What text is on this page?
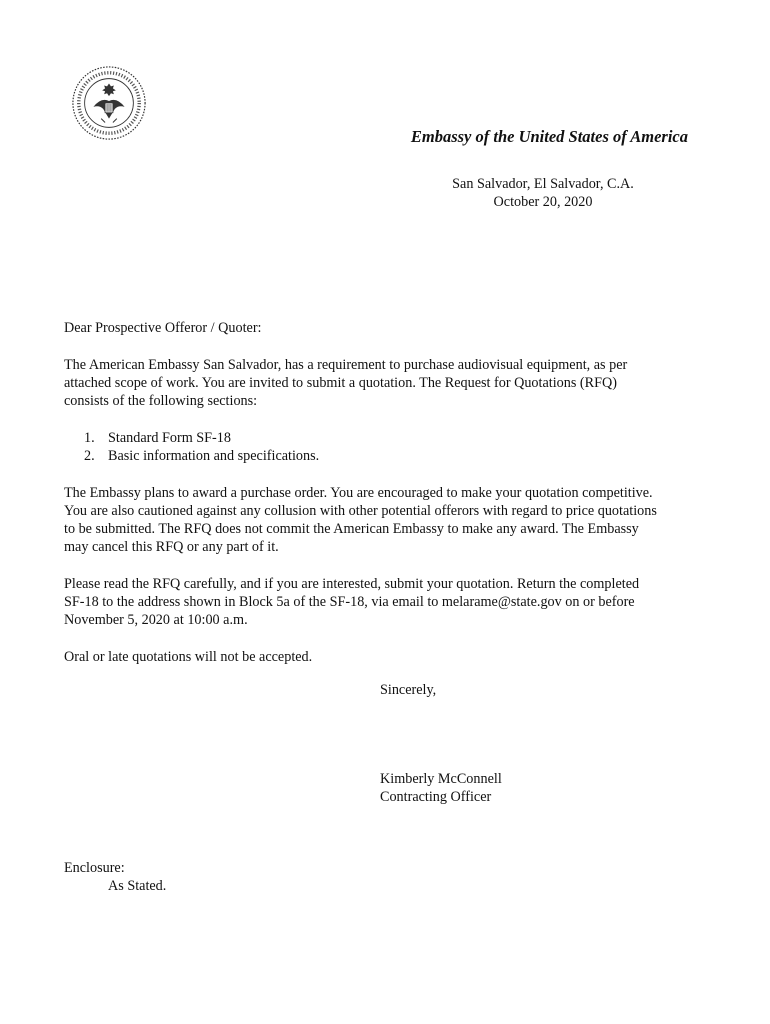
Embassy of the United States of America
San Salvador, El Salvador, C.A.
October 20, 2020

Dear Prospective Offeror / Quoter:

The American Embassy San Salvador, has a requirement to purchase audiovisual equipment, as per
attached scope of work. You are invited to submit a quotation. The Request for Quotations (RFQ)
consists of the following sections:

1. Standard Form SF-18
2. Basic information and specifications.

The Embassy plans to award a purchase order. You are encouraged to make your quotation competitive.
You are also cautioned against any collusion with other potential offerors with regard to price quotations
to be submitted. The RFQ does not commit the American Embassy to make any award. The Embassy
may cancel this RFQ or any part of it.

Please read the RFQ carefully, and if you are interested, submit your quotation. Return the completed
SF-18 to the address shown in Block 5a of the SF-18, via email to melarame@state.gov on or before
November 5, 2020 at 10:00 a.m.

Oral or late quotations will not be accepted.

Sincerely,
Kimberly McConnell
Contracting Officer
Enclosure:
As Stated.
